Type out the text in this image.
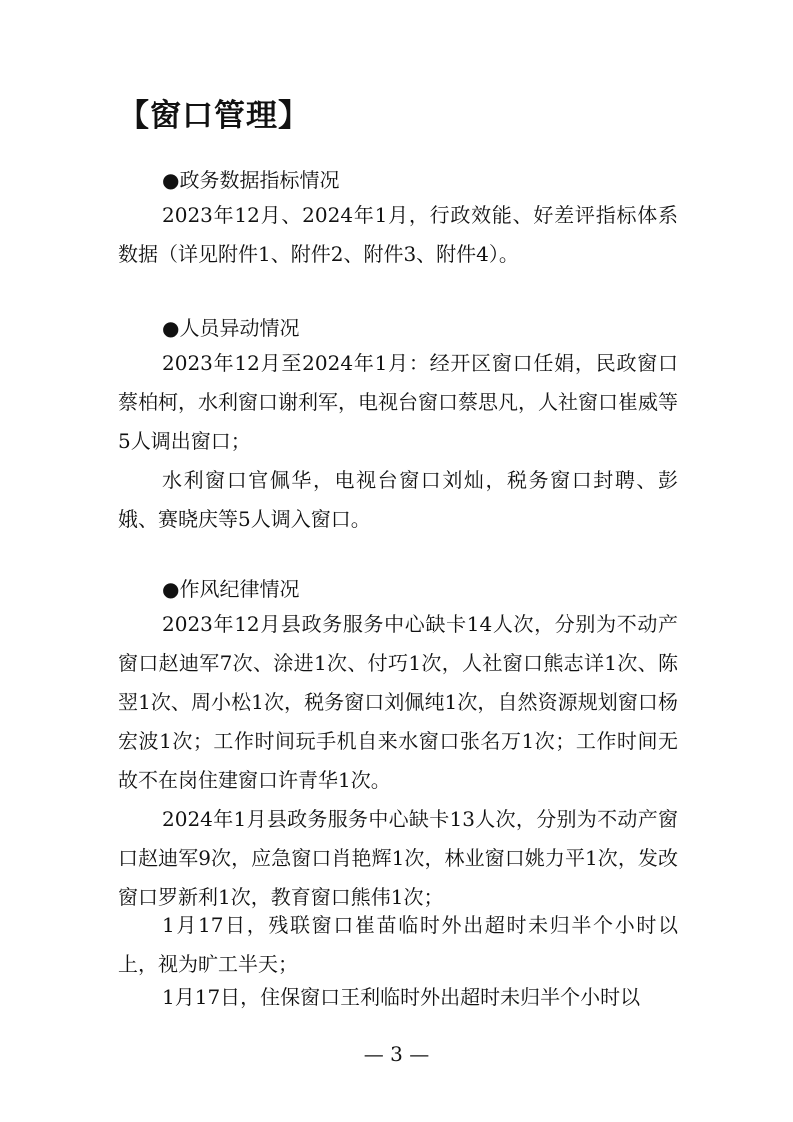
【窗口管理】

●政务数据指标情况

2023年12月、2024年1月，行政效能、好差评指标体系数据（详见附件1、附件2、附件3、附件4）。

●人员异动情况

2023年12月至2024年1月：经开区窗口任娟，民政窗口蔡柏柯，水利窗口谢利军，电视台窗口蔡思凡，人社窗口崔威等5人调出窗口；

水利窗口官佩华，电视台窗口刘灿，税务窗口封聘、彭娥、赛晓庆等5人调入窗口。

●作风纪律情况

2023年12月县政务服务中心缺卡14人次，分别为不动产窗口赵迪军7次、涂进1次、付巧1次，人社窗口熊志详1次、陈翌1次、周小松1次，税务窗口刘佩纯1次，自然资源规划窗口杨宏波1次；工作时间玩手机自来水窗口张名万1次；工作时间无故不在岗住建窗口许青华1次。

2024年1月县政务服务中心缺卡13人次，分别为不动产窗口赵迪军9次，应急窗口肖艳辉1次，林业窗口姚力平1次，发改窗口罗新利1次，教育窗口熊伟1次；

1月17日，残联窗口崔苗临时外出超时未归半个小时以上，视为旷工半天；

1月17日，住保窗口王利临时外出超时未归半个小时以

— 3 —
